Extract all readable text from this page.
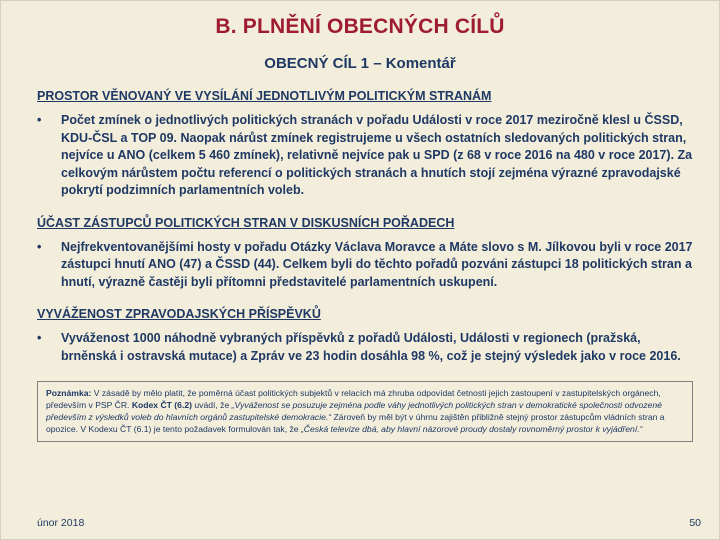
B. PLNĚNÍ OBECNÝCH CÍLŮ
OBECNÝ CÍL 1 – Komentář
PROSTOR VĚNOVANÝ VE VYSÍLÁNÍ JEDNOTLIVÝM POLITICKÝM STRANÁM
•	Počet zmínek o jednotlivých politických stranách v pořadu Události v roce 2017 meziročně klesl u ČSSD, KDU-ČSL a TOP 09. Naopak nárůst zmínek registrujeme u všech ostatních sledovaných politických stran, nejvíce u ANO (celkem 5 460 zmínek), relativně nejvíce pak u SPD (z 68 v roce 2016 na 480 v roce 2017). Za celkovým nárůstem počtu referencí o politických stranách a hnutích stojí zejména výrazné zpravodajské pokrytí podzimních parlamentních voleb.
ÚČAST ZÁSTUPCŮ POLITICKÝCH STRAN V DISKUSNÍCH POŘADECH
•	Nejfrekventovanějšími hosty v pořadu Otázky Václava Moravce a Máte slovo s M. Jílkovou byli v roce 2017 zástupci hnutí ANO (47) a ČSSD (44). Celkem byli do těchto pořadů pozváni zástupci 18 politických stran a hnutí, výrazně častěji byli přítomni představitelé parlamentních uskupení.
VYVÁŽENOST ZPRAVODAJSKÝCH PŘÍSPĚVKŮ
•	Vyváženost 1000 náhodně vybraných příspěvků z pořadů Události, Události v regionech (pražská, brněnská i ostravská mutace) a Zpráv ve 23 hodin dosáhla 98 %, což je stejný výsledek jako v roce 2016.
Poznámka: V zásadě by mělo platit, že poměrná účast politických subjektů v relacích má zhruba odpovídat četnosti jejich zastoupení v zastupitelských orgánech, především v PSP ČR. Kodex ČT (6.2) uvádí, že „Vyváženost se posuzuje zejména podle váhy jednotlivých politických stran v demokratické společnosti odvozené především z výsledků voleb do hlavních orgánů zastupitelské demokracie.“ Zároveň by měl být v úhrnu zajištěn přibližně stejný prostor zástupcům vládních stran a opozice. V Kodexu ČT (6.1) je tento požadavek formulován tak, že „Česká televize dbá, aby hlavní názorové proudy dostaly rovnoměrný prostor k vyjádření.“
únor 2018	50
